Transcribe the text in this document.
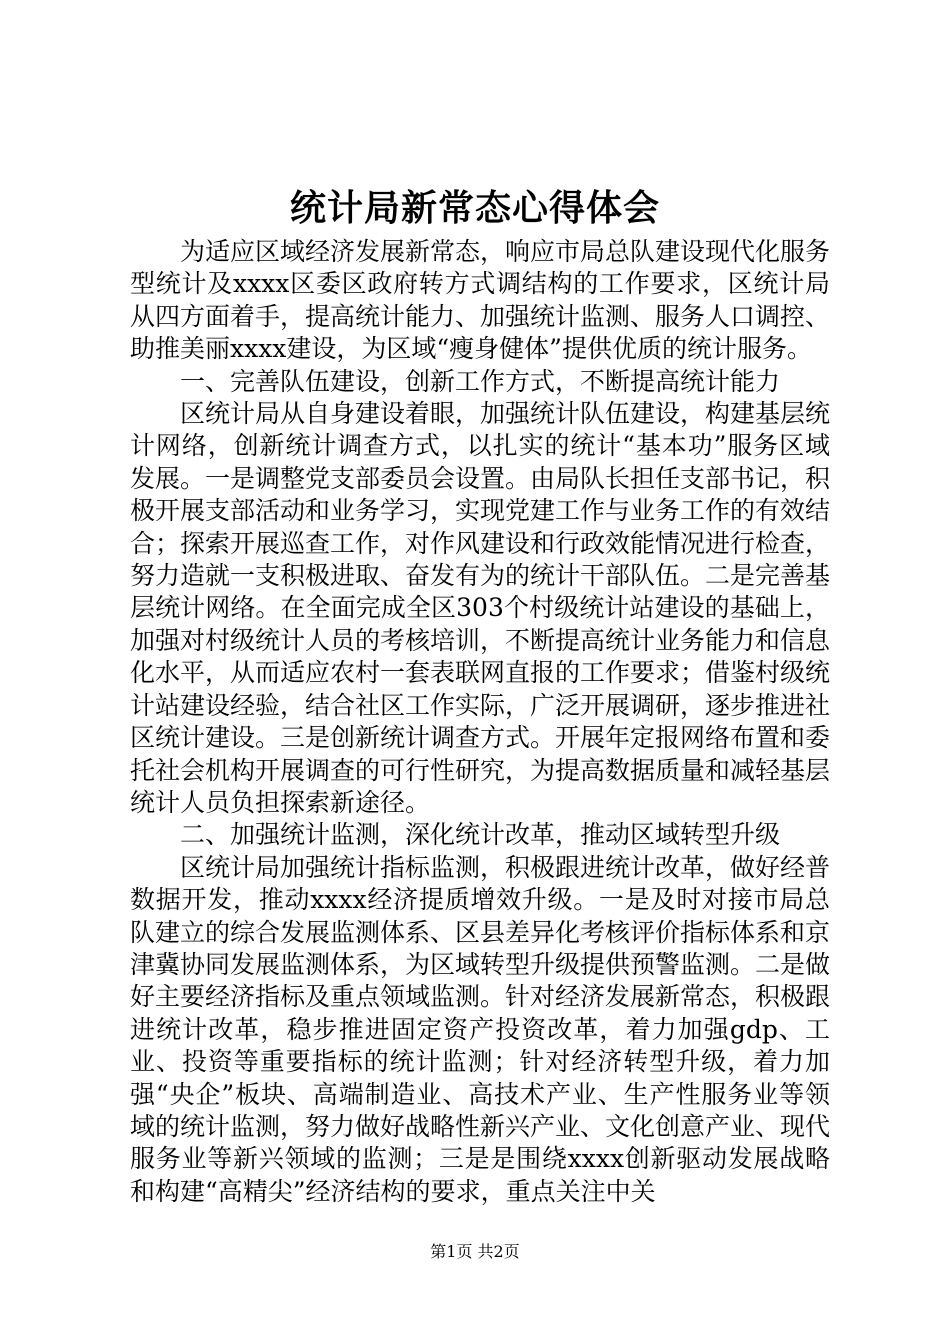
统计局新常态心得体会

为适应区域经济发展新常态，响应市局总队建设现代化服务型统计及xxxx区委区政府转方式调结构的工作要求，区统计局从四方面着手，提高统计能力、加强统计监测、服务人口调控、助推美丽xxxx建设，为区域“瘦身健体”提供优质的统计服务。

一、完善队伍建设，创新工作方式，不断提高统计能力

区统计局从自身建设着眼，加强统计队伍建设，构建基层统计网络，创新统计调查方式，以扎实的统计“基本功”服务区域发展。一是调整党支部委员会设置。由局队长担任支部书记，积极开展支部活动和业务学习，实现党建工作与业务工作的有效结合；探索开展巡查工作，对作风建设和行政效能情况进行检查，努力造就一支积极进取、奋发有为的统计干部队伍。二是完善基层统计网络。在全面完成全区303个村级统计站建设的基础上，加强对村级统计人员的考核培训，不断提高统计业务能力和信息化水平，从而适应农村一套表联网直报的工作要求；借鉴村级统计站建设经验，结合社区工作实际，广泛开展调研，逐步推进社区统计建设。三是创新统计调查方式。开展年定报网络布置和委托社会机构开展调查的可行性研究，为提高数据质量和减轻基层统计人员负担探索新途径。

二、加强统计监测，深化统计改革，推动区域转型升级

区统计局加强统计指标监测，积极跟进统计改革，做好经普数据开发，推动xxxx经济提质增效升级。一是及时对接市局总队建立的综合发展监测体系、区县差异化考核评价指标体系和京津冀协同发展监测体系，为区域转型升级提供预警监测。二是做好主要经济指标及重点领域监测。针对经济发展新常态，积极跟进统计改革，稳步推进固定资产投资改革，着力加强gdp、工业、投资等重要指标的统计监测；针对经济转型升级，着力加强“央企”板块、高端制造业、高技术产业、生产性服务业等领域的统计监测，努力做好战略性新兴产业、文化创意产业、现代服务业等新兴领域的监测；三是是围绕xxxx创新驱动发展战略和构建“高精尖”经济结构的要求，重点关注中关

第1页 共2页
